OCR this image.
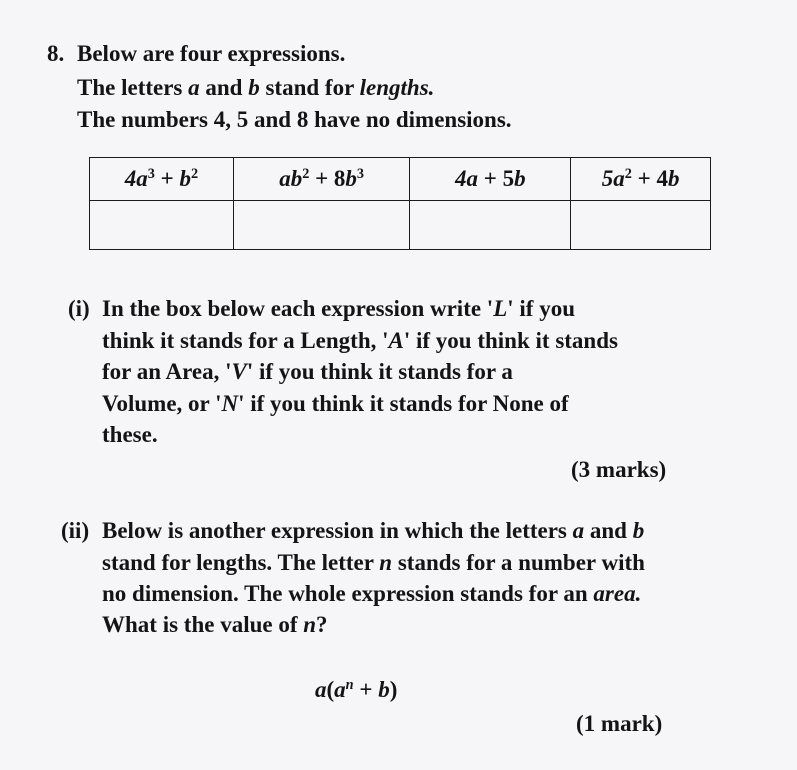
8. Below are four expressions.
The letters a and b stand for lengths.
The numbers 4, 5 and 8 have no dimensions.
$4a^3 + b^2$	$ab^2 + 8b^3$	4a + 5b	$5a^2 + 4b$

(i) In the box below each expression write 'L' if you
think it stands for a Length, 'A' if you think it stands
for an Area, 'V' if you think it stands for a
Volume, or 'N' if you think it stands for None of
these.
(3 marks)
(ii) Below is another expression in which the letters a and b
stand for lengths. The letter n stands for a number with
no dimension. The whole expression stands for an area.
What is the value of n?
$a(a^n + b)$
(1 mark)
